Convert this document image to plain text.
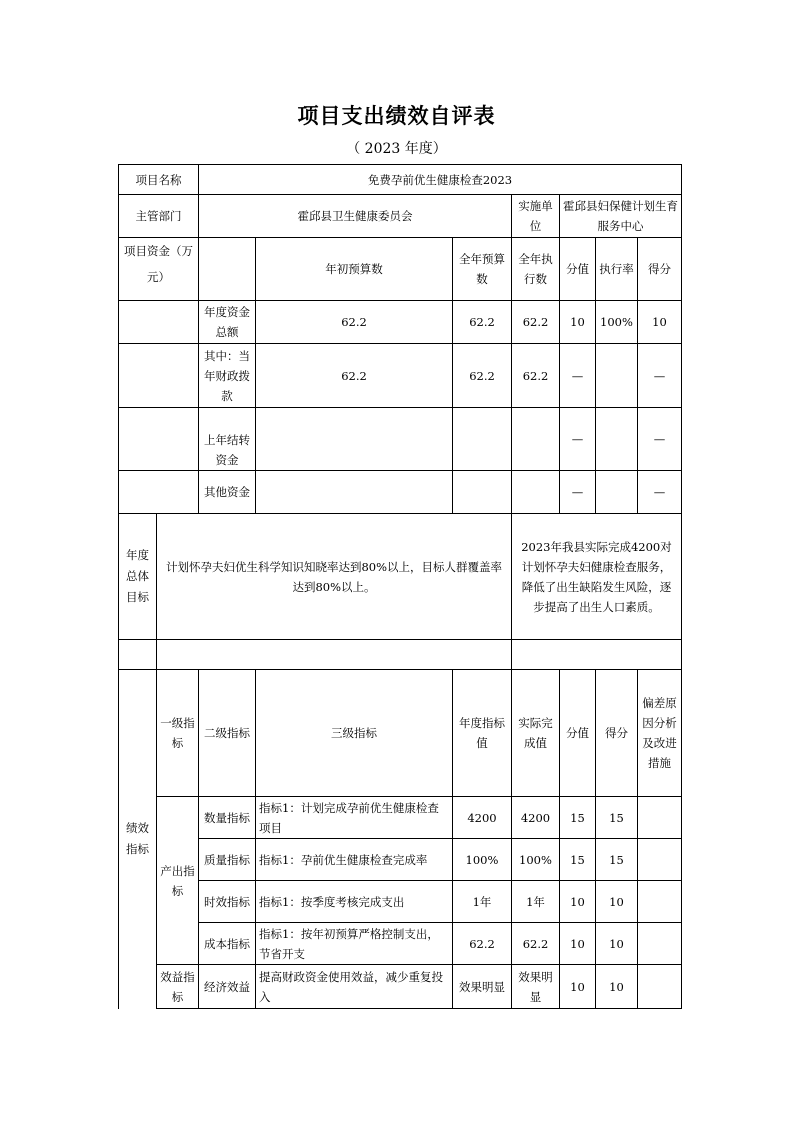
项目支出绩效自评表
（ 2023 年度）
项目名称		免费孕前优生健康检查2023						
主管部门		霍邱县卫生健康委员会			实施单位	霍邱县妇保健计划生育服务中心		
项目资金（万元）			年初预算数	全年预算数	全年执行数	分值	执行率	得分
		年度资金总额	62.2	62.2	62.2	10	100%	10
		其中：当年财政拨款	62.2	62.2	62.2	—		—
		上年结转资金				—		—
		其他资金				—		—
年度总体目标	计划怀孕夫妇优生科学知识知晓率达到80%以上，目标人群覆盖率达到80%以上。				2023年我县实际完成4200对计划怀孕夫妇健康检查服务，降低了出生缺陷发生风险，逐步提高了出生人口素质。			

绩效指标	一级指标	二级指标	三级指标	年度指标值	实际完成值	分值	得分	偏差原因分析及改进措施
	产出指标	数量指标	指标1：计划完成孕前优生健康检查项目	4200	4200	15	15	
		质量指标	指标1：孕前优生健康检查完成率	100%	100%	15	15	
		时效指标	指标1：按季度考核完成支出	1年	1年	10	10	
		成本指标	指标1：按年初预算严格控制支出，节省开支	62.2	62.2	10	10	
	效益指标	经济效益	提高财政资金使用效益，减少重复投入	效果明显	效果明显	10	10	
